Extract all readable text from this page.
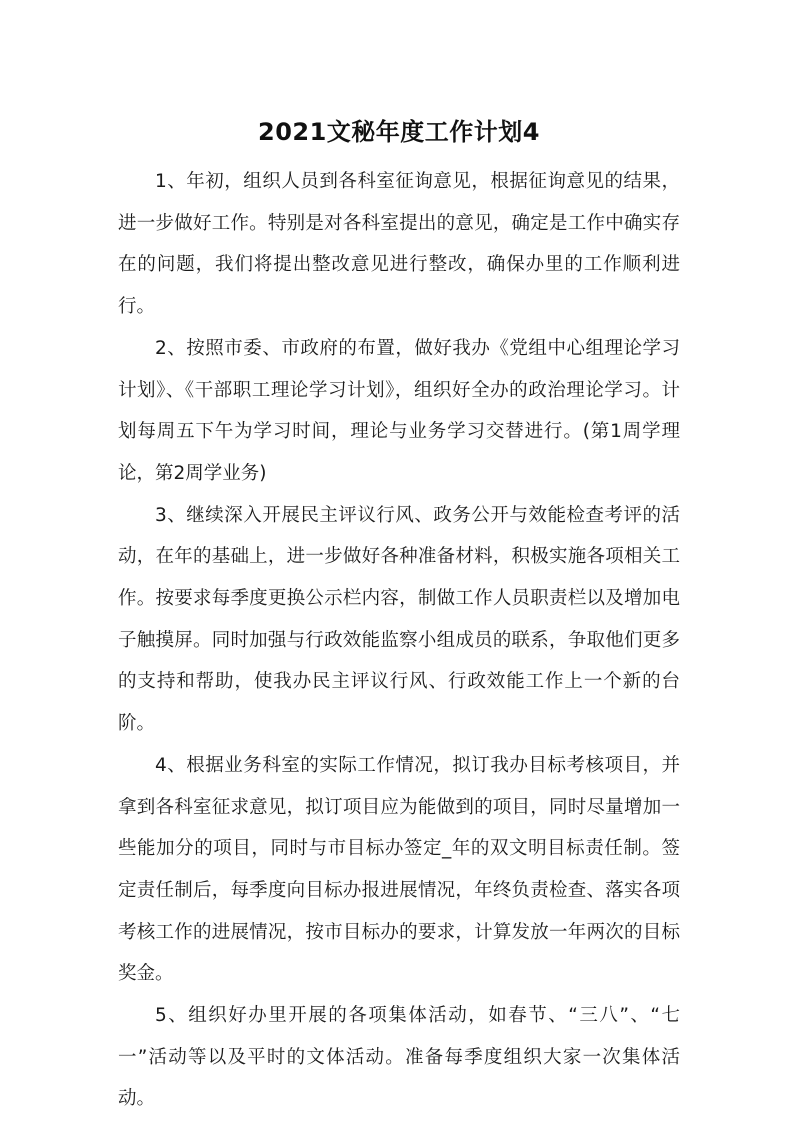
2021文秘年度工作计划4

1、年初，组织人员到各科室征询意见，根据征询意见的结果，进一步做好工作。特别是对各科室提出的意见，确定是工作中确实存在的问题，我们将提出整改意见进行整改，确保办里的工作顺利进行。

2、按照市委、市政府的布置，做好我办《党组中心组理论学习计划》、《干部职工理论学习计划》，组织好全办的政治理论学习。计划每周五下午为学习时间，理论与业务学习交替进行。(第1周学理论，第2周学业务)

3、继续深入开展民主评议行风、政务公开与效能检查考评的活动，在年的基础上，进一步做好各种准备材料，积极实施各项相关工作。按要求每季度更换公示栏内容，制做工作人员职责栏以及增加电子触摸屏。同时加强与行政效能监察小组成员的联系，争取他们更多的支持和帮助，使我办民主评议行风、行政效能工作上一个新的台阶。

4、根据业务科室的实际工作情况，拟订我办目标考核项目，并拿到各科室征求意见，拟订项目应为能做到的项目，同时尽量增加一些能加分的项目，同时与市目标办签定_年的双文明目标责任制。签定责任制后，每季度向目标办报进展情况，年终负责检查、落实各项考核工作的进展情况，按市目标办的要求，计算发放一年两次的目标奖金。

5、组织好办里开展的各项集体活动，如春节、“三八”、“七一”活动等以及平时的文体活动。准备每季度组织大家一次集体活动。
